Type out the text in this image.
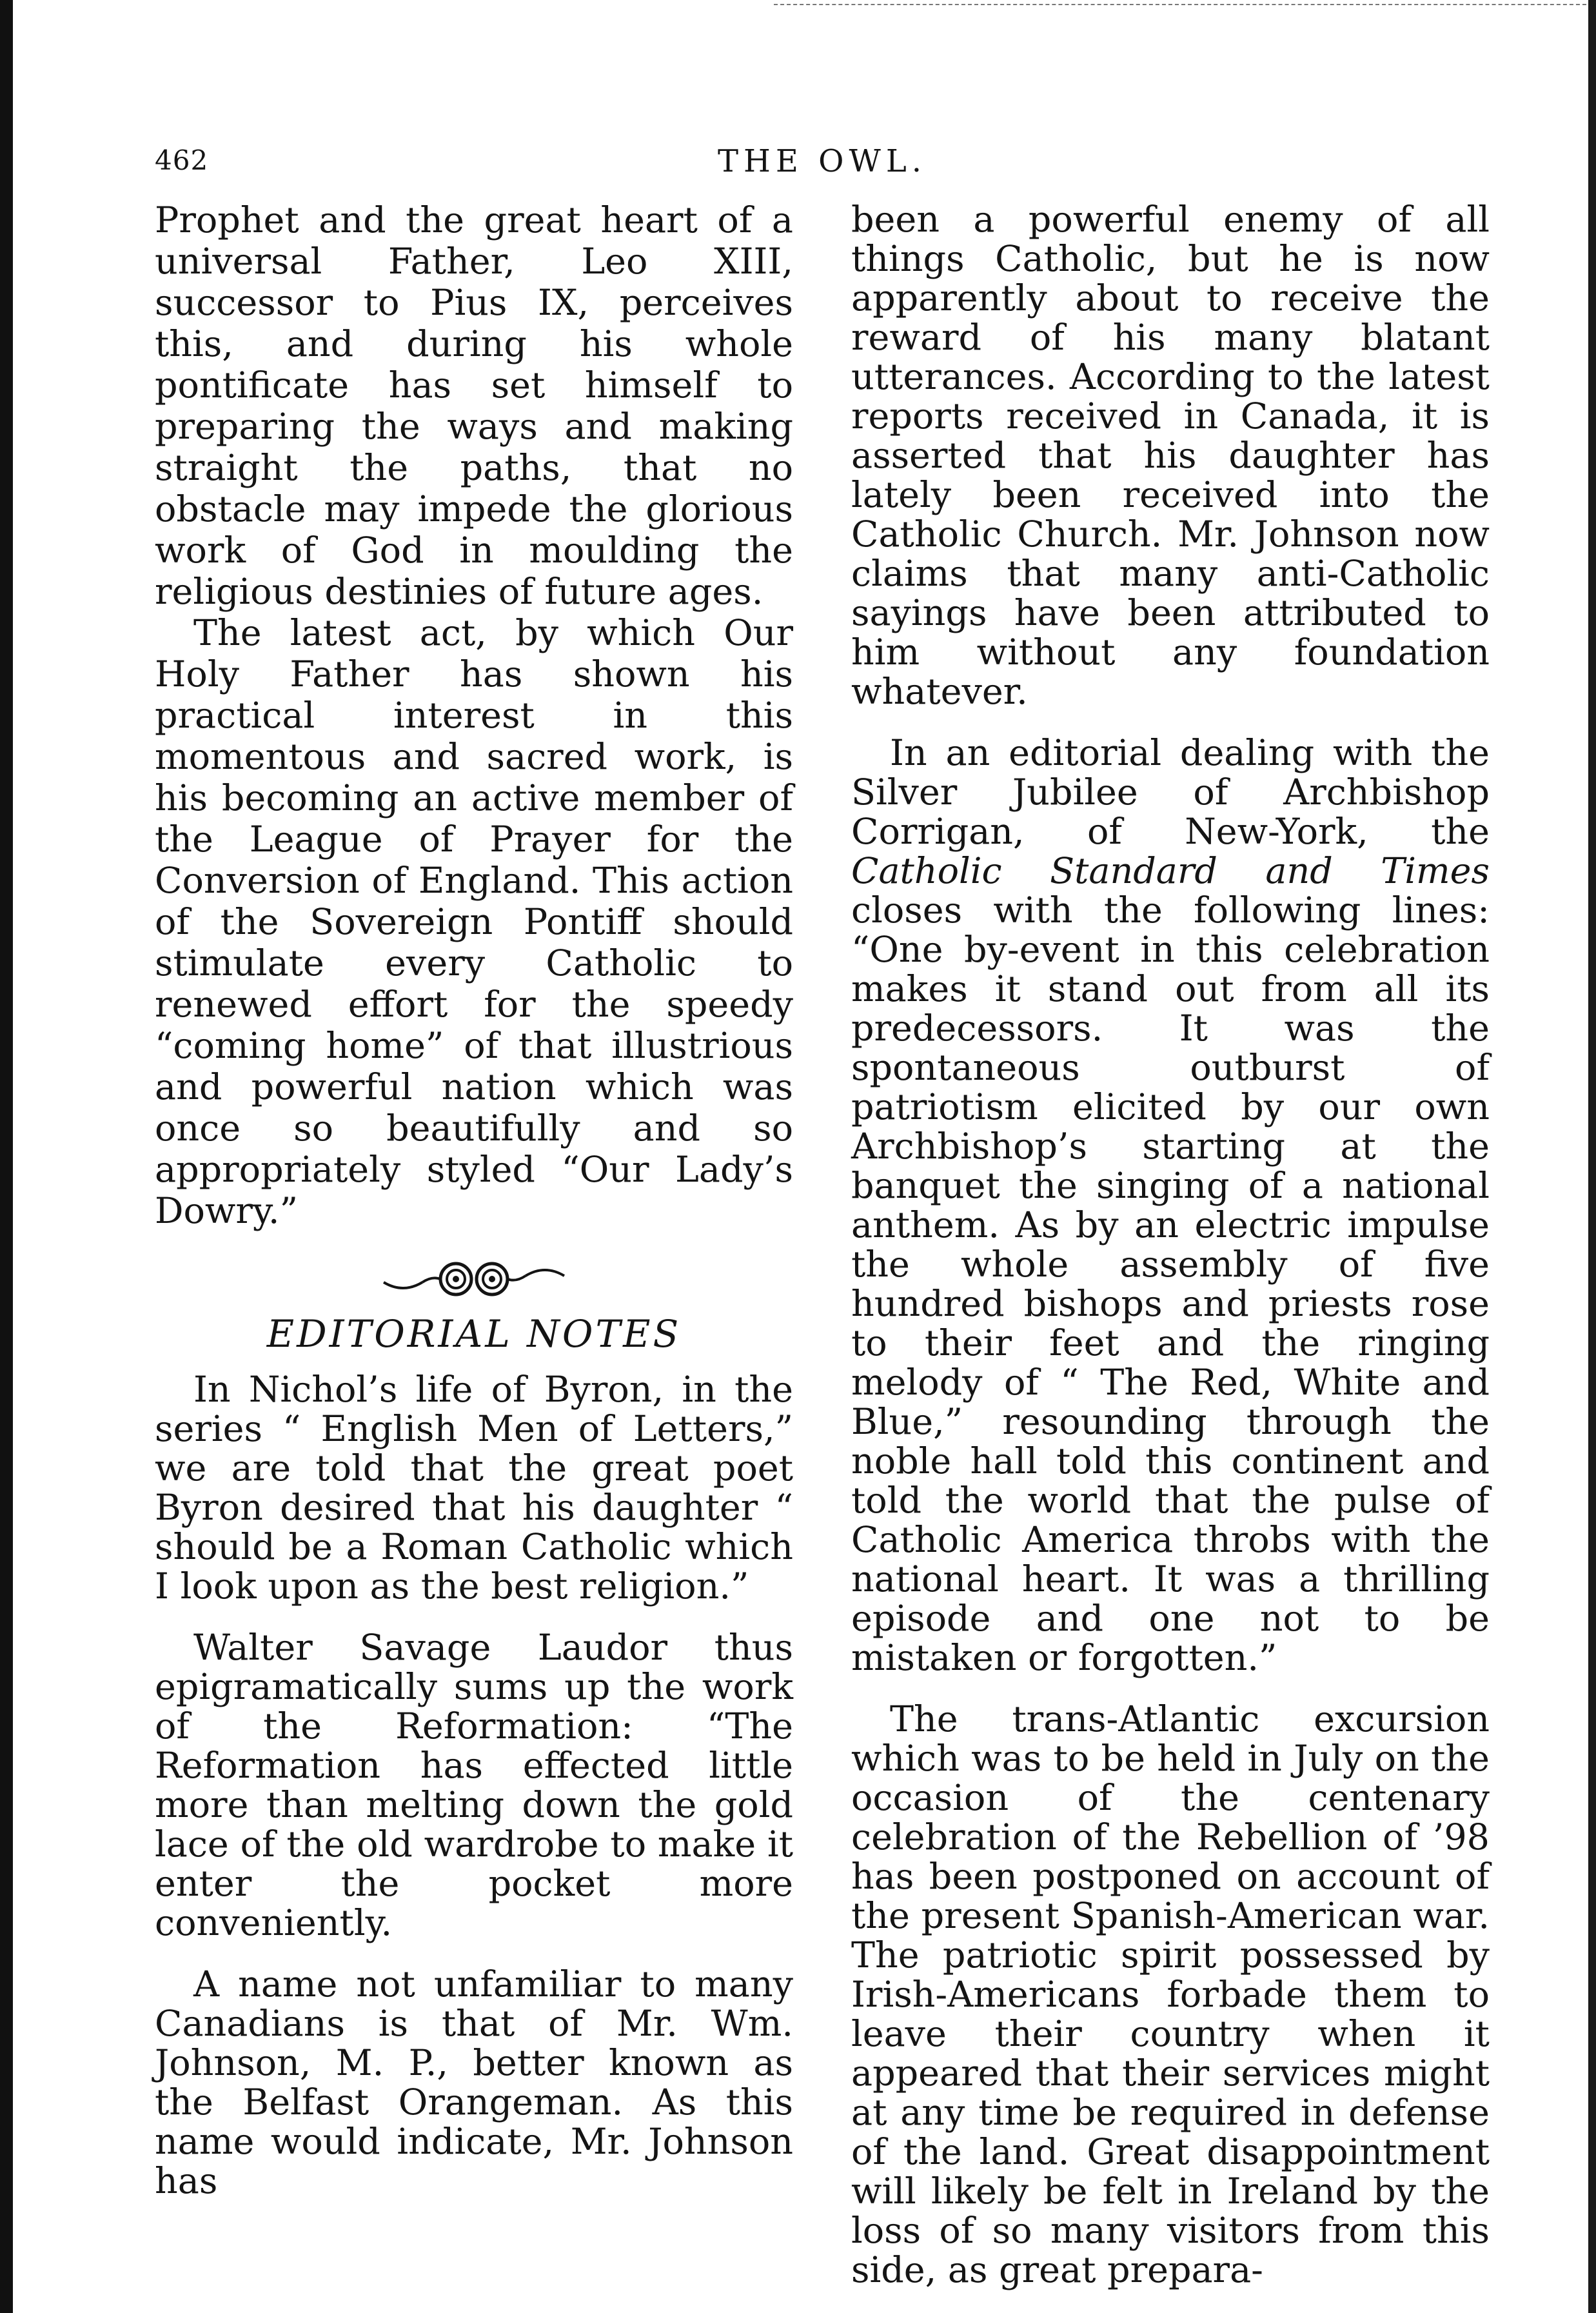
462	THE OWL.

Prophet and the great heart of a universal Father, Leo XIII, successor to Pius IX, perceives this, and during his whole pontificate has set himself to preparing the ways and making straight the paths, that no obstacle may impede the glorious work of God in moulding the religious destinies of future ages.

The latest act, by which Our Holy Father has shown his practical interest in this momentous and sacred work, is his becoming an active member of the League of Prayer for the Conversion of England. This action of the Sovereign Pontiff should stimulate every Catholic to renewed effort for the speedy “coming home” of that illustrious and powerful nation which was once so beautifully and so appropriately styled “Our Lady’s Dowry.”

EDITORIAL NOTES

In Nichol’s life of Byron, in the series “ English Men of Letters,” we are told that the great poet Byron desired that his daughter “ should be a Roman Catholic which I look upon as the best religion.”

Walter Savage Laudor thus epigramatically sums up the work of the Reformation: “The Reformation has effected little more than melting down the gold lace of the old wardrobe to make it enter the pocket more conveniently.

A name not unfamiliar to many Canadians is that of Mr. Wm. Johnson, M. P., better known as the Belfast Orangeman. As this name would indicate, Mr. Johnson has

been a powerful enemy of all things Catholic, but he is now apparently about to receive the reward of his many blatant utterances. According to the latest reports received in Canada, it is asserted that his daughter has lately been received into the Catholic Church. Mr. Johnson now claims that many anti-Catholic sayings have been attributed to him without any foundation whatever.

In an editorial dealing with the Silver Jubilee of Archbishop Corrigan, of New-York, the Catholic Standard and Times closes with the following lines: “One by-event in this celebration makes it stand out from all its predecessors. It was the spontaneous outburst of patriotism elicited by our own Archbishop’s starting at the banquet the singing of a national anthem. As by an electric impulse the whole assembly of five hundred bishops and priests rose to their feet and the ringing melody of “ The Red, White and Blue,” resounding through the noble hall told this continent and told the world that the pulse of Catholic America throbs with the national heart. It was a thrilling episode and one not to be mistaken or forgotten.”

The trans-Atlantic excursion which was to be held in July on the occasion of the centenary celebration of the Rebellion of ’98 has been postponed on account of the present Spanish-American war. The patriotic spirit possessed by Irish-Americans forbade them to leave their country when it appeared that their services might at any time be required in defense of the land. Great disappointment will likely be felt in Ireland by the loss of so many visitors from this side, as great prepara-
